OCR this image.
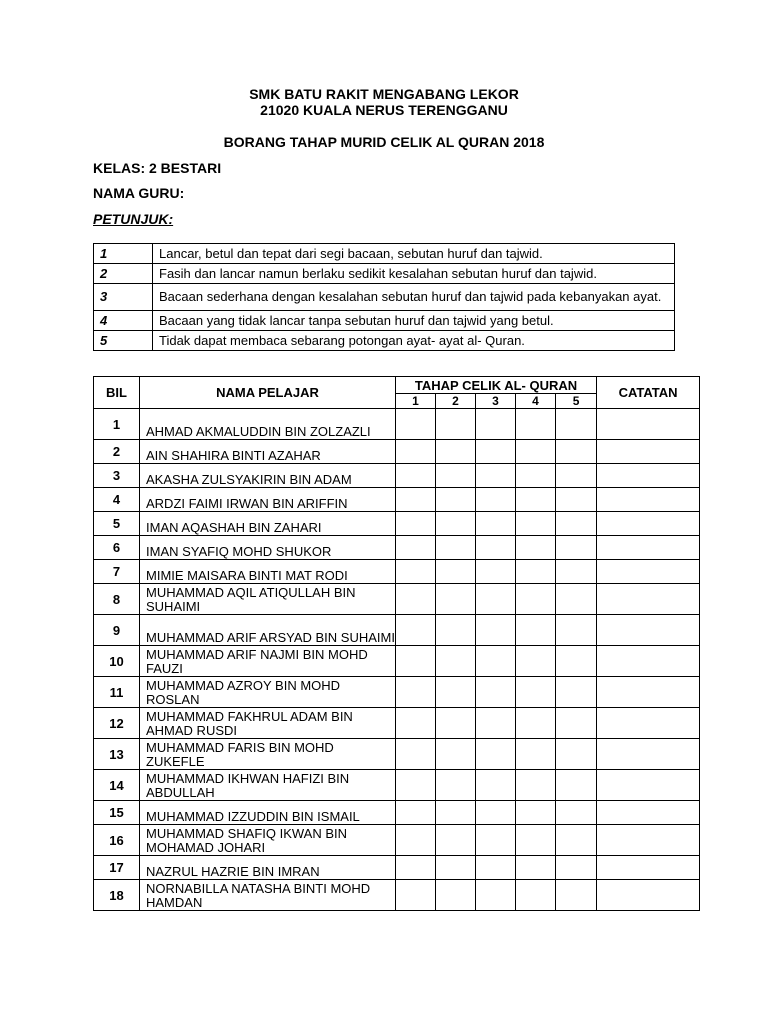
SMK BATU RAKIT MENGABANG LEKOR
21020 KUALA NERUS TERENGGANU
BORANG TAHAP MURID CELIK AL QURAN 2018
KELAS: 2 BESTARI
NAMA GURU:
PETUNJUK:
1	Lancar, betul dan tepat dari segi bacaan, sebutan huruf dan tajwid.
2	Fasih dan lancar namun berlaku sedikit kesalahan sebutan huruf dan tajwid.
3	Bacaan sederhana dengan kesalahan sebutan huruf dan tajwid pada kebanyakan ayat.
4	Bacaan yang tidak lancar tanpa sebutan huruf dan tajwid yang betul.
5	Tidak dapat membaca sebarang potongan ayat- ayat al- Quran.
BIL	NAMA PELAJAR	TAHAP CELIK AL- QURAN					CATATAN
		1	2	3	4	5	
1	AHMAD AKMALUDDIN BIN ZOLZAZLI						
2	AIN SHAHIRA BINTI AZAHAR						
3	AKASHA ZULSYAKIRIN BIN ADAM						
4	ARDZI FAIMI IRWAN BIN ARIFFIN						
5	IMAN AQASHAH BIN ZAHARI						
6	IMAN SYAFIQ MOHD SHUKOR						
7	MIMIE MAISARA BINTI MAT RODI						
8	MUHAMMAD AQIL ATIQULLAH BIN SUHAIMI						
9	MUHAMMAD ARIF ARSYAD BIN SUHAIMI						
10	MUHAMMAD ARIF NAJMI BIN MOHD FAUZI						
11	MUHAMMAD AZROY BIN MOHD ROSLAN						
12	MUHAMMAD FAKHRUL ADAM BIN AHMAD RUSDI						
13	MUHAMMAD FARIS BIN MOHD ZUKEFLE						
14	MUHAMMAD IKHWAN HAFIZI BIN ABDULLAH						
15	MUHAMMAD IZZUDDIN BIN ISMAIL						
16	MUHAMMAD SHAFIQ IKWAN BIN MOHAMAD JOHARI						
17	NAZRUL HAZRIE BIN IMRAN						
18	NORNABILLA NATASHA BINTI MOHD HAMDAN						
